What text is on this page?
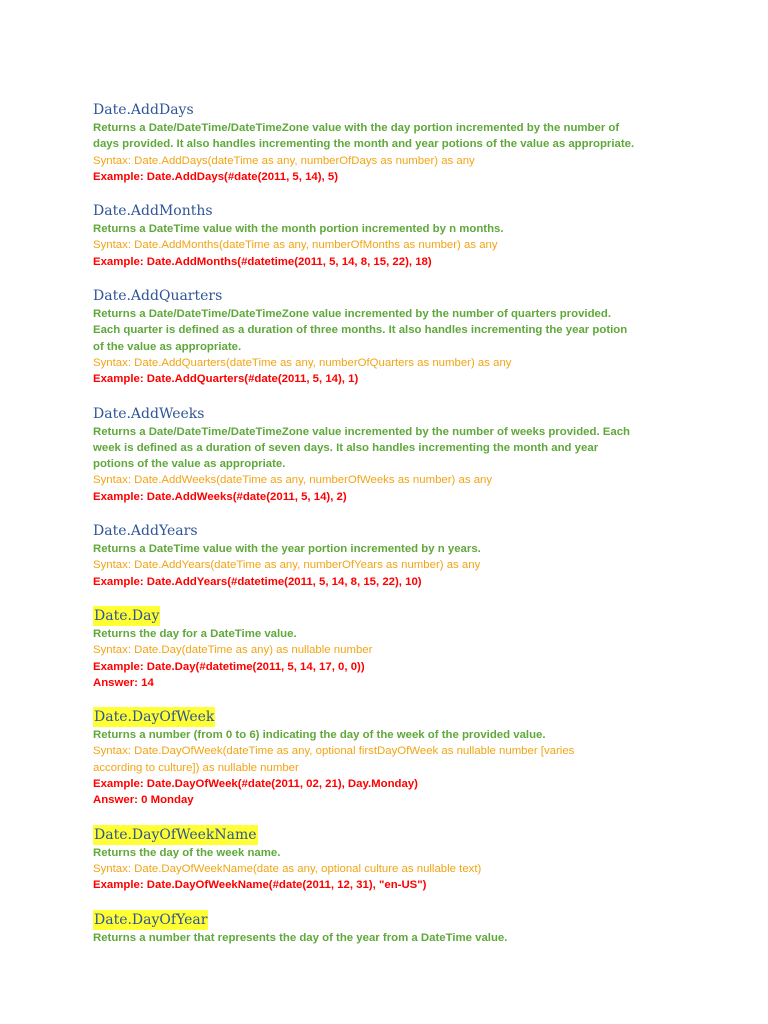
Date.AddDays
Returns a Date/DateTime/DateTimeZone value with the day portion incremented by the number of
days provided. It also handles incrementing the month and year potions of the value as appropriate.
Syntax: Date.AddDays(dateTime as any, numberOfDays as number) as any
Example: Date.AddDays(#date(2011, 5, 14), 5)
Date.AddMonths
Returns a DateTime value with the month portion incremented by n months.
Syntax: Date.AddMonths(dateTime as any, numberOfMonths as number) as any
Example: Date.AddMonths(#datetime(2011, 5, 14, 8, 15, 22), 18)
Date.AddQuarters
Returns a Date/DateTime/DateTimeZone value incremented by the number of quarters provided.
Each quarter is defined as a duration of three months. It also handles incrementing the year potion
of the value as appropriate.
Syntax: Date.AddQuarters(dateTime as any, numberOfQuarters as number) as any
Example: Date.AddQuarters(#date(2011, 5, 14), 1)
Date.AddWeeks
Returns a Date/DateTime/DateTimeZone value incremented by the number of weeks provided. Each
week is defined as a duration of seven days. It also handles incrementing the month and year
potions of the value as appropriate.
Syntax: Date.AddWeeks(dateTime as any, numberOfWeeks as number) as any
Example: Date.AddWeeks(#date(2011, 5, 14), 2)
Date.AddYears
Returns a DateTime value with the year portion incremented by n years.
Syntax: Date.AddYears(dateTime as any, numberOfYears as number) as any
Example: Date.AddYears(#datetime(2011, 5, 14, 8, 15, 22), 10)
Date.Day
Returns the day for a DateTime value.
Syntax: Date.Day(dateTime as any) as nullable number
Example: Date.Day(#datetime(2011, 5, 14, 17, 0, 0))
Answer: 14
Date.DayOfWeek
Returns a number (from 0 to 6) indicating the day of the week of the provided value.
Syntax: Date.DayOfWeek(dateTime as any, optional firstDayOfWeek as nullable number [varies
according to culture]) as nullable number
Example: Date.DayOfWeek(#date(2011, 02, 21), Day.Monday)
Answer: 0 Monday
Date.DayOfWeekName
Returns the day of the week name.
Syntax: Date.DayOfWeekName(date as any, optional culture as nullable text)
Example: Date.DayOfWeekName(#date(2011, 12, 31), "en-US")
Date.DayOfYear
Returns a number that represents the day of the year from a DateTime value.
